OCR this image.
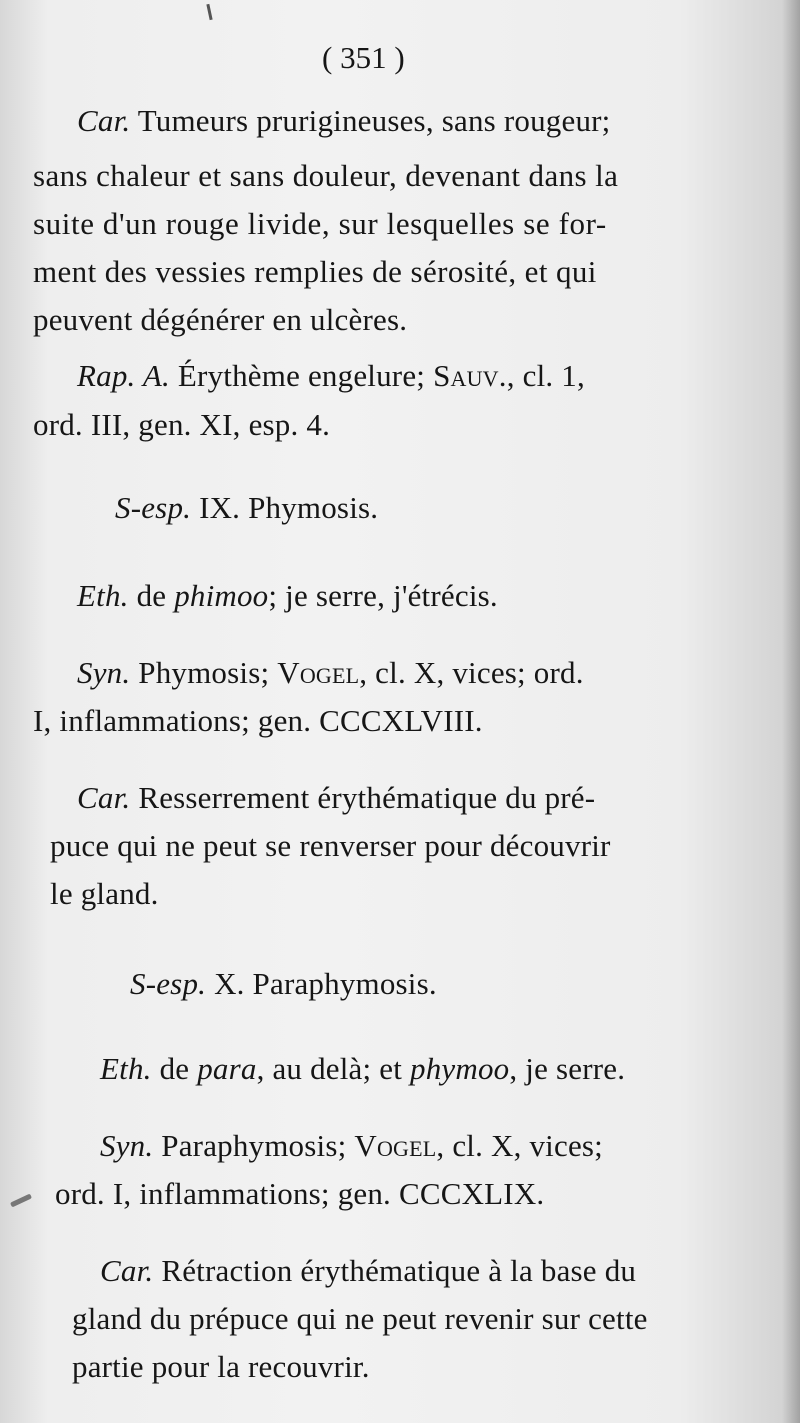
( 351 )
Car. Tumeurs prurigineuses, sans rougeur;
sans chaleur et sans douleur, devenant dans la
suite d'un rouge livide, sur lesquelles se for-
ment des vessies remplies de sérosité, et qui
peuvent dégénérer en ulcères.
Rap. A. Érythème engelure; Sauv., cl. 1,
ord. III, gen. XI, esp. 4.
S-esp. IX. Phymosis.
Eth. de phimoo; je serre, j'étrécis.
Syn. Phymosis; Vogel, cl. X, vices; ord.
I, inflammations; gen. CCCXLVIII.
Car. Resserrement érythématique du pré-
puce qui ne peut se renverser pour découvrir
le gland.
S-esp. X. Paraphymosis.
Eth. de para, au delà; et phymoo, je serre.
Syn. Paraphymosis; Vogel, cl. X, vices;
ord. I, inflammations; gen. CCCXLIX.
Car. Rétraction érythématique à la base du
gland du prépuce qui ne peut revenir sur cette
partie pour la recouvrir.
